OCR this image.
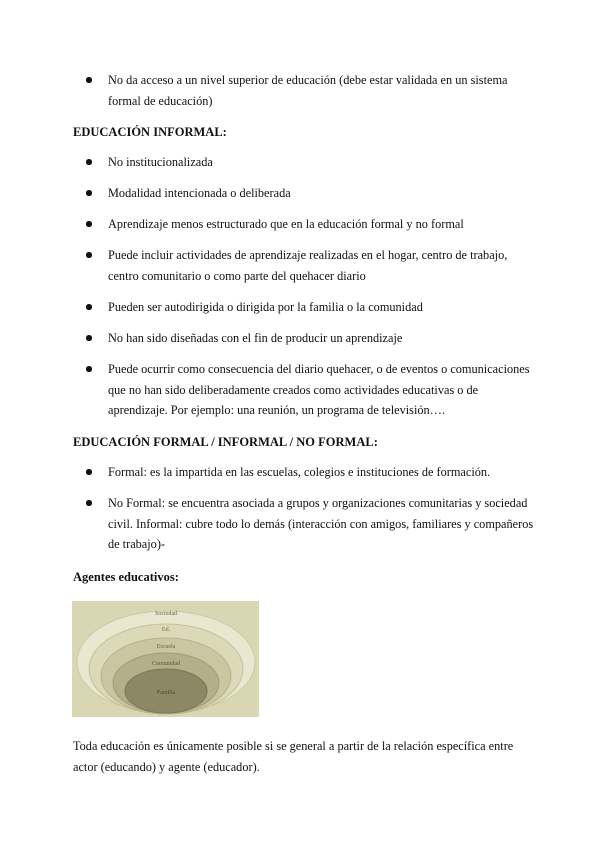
No da acceso a un nivel superior de educación (debe estar validada en un sistema formal de educación)
EDUCACIÓN INFORMAL:
No institucionalizada
Modalidad intencionada o deliberada
Aprendizaje menos estructurado que en la educación formal y no formal
Puede incluir actividades de aprendizaje realizadas en el hogar, centro de trabajo, centro comunitario o como parte del quehacer diario
Pueden ser autodirigida o dirigida por la familia o la comunidad
No han sido diseñadas con el fin de producir un aprendizaje
Puede ocurrir como consecuencia del diario quehacer, o de eventos o comunicaciones que no han sido deliberadamente creados como actividades educativas o de aprendizaje. Por ejemplo: una reunión, un programa de televisión….
EDUCACIÓN FORMAL / INFORMAL / NO FORMAL:
Formal: es la impartida en las escuelas, colegios e instituciones de formación.
No Formal: se encuentra asociada a grupos y organizaciones comunitarias y sociedad civil. Informal: cubre todo lo demás (interacción con amigos, familiares y compañeros de trabajo)-
Agentes educativos:
Sociedad
Ed.
Escuela
Comunidad
Familia

Toda educación es únicamente posible si se general a partir de la relación específica entre actor (educando) y agente (educador).
